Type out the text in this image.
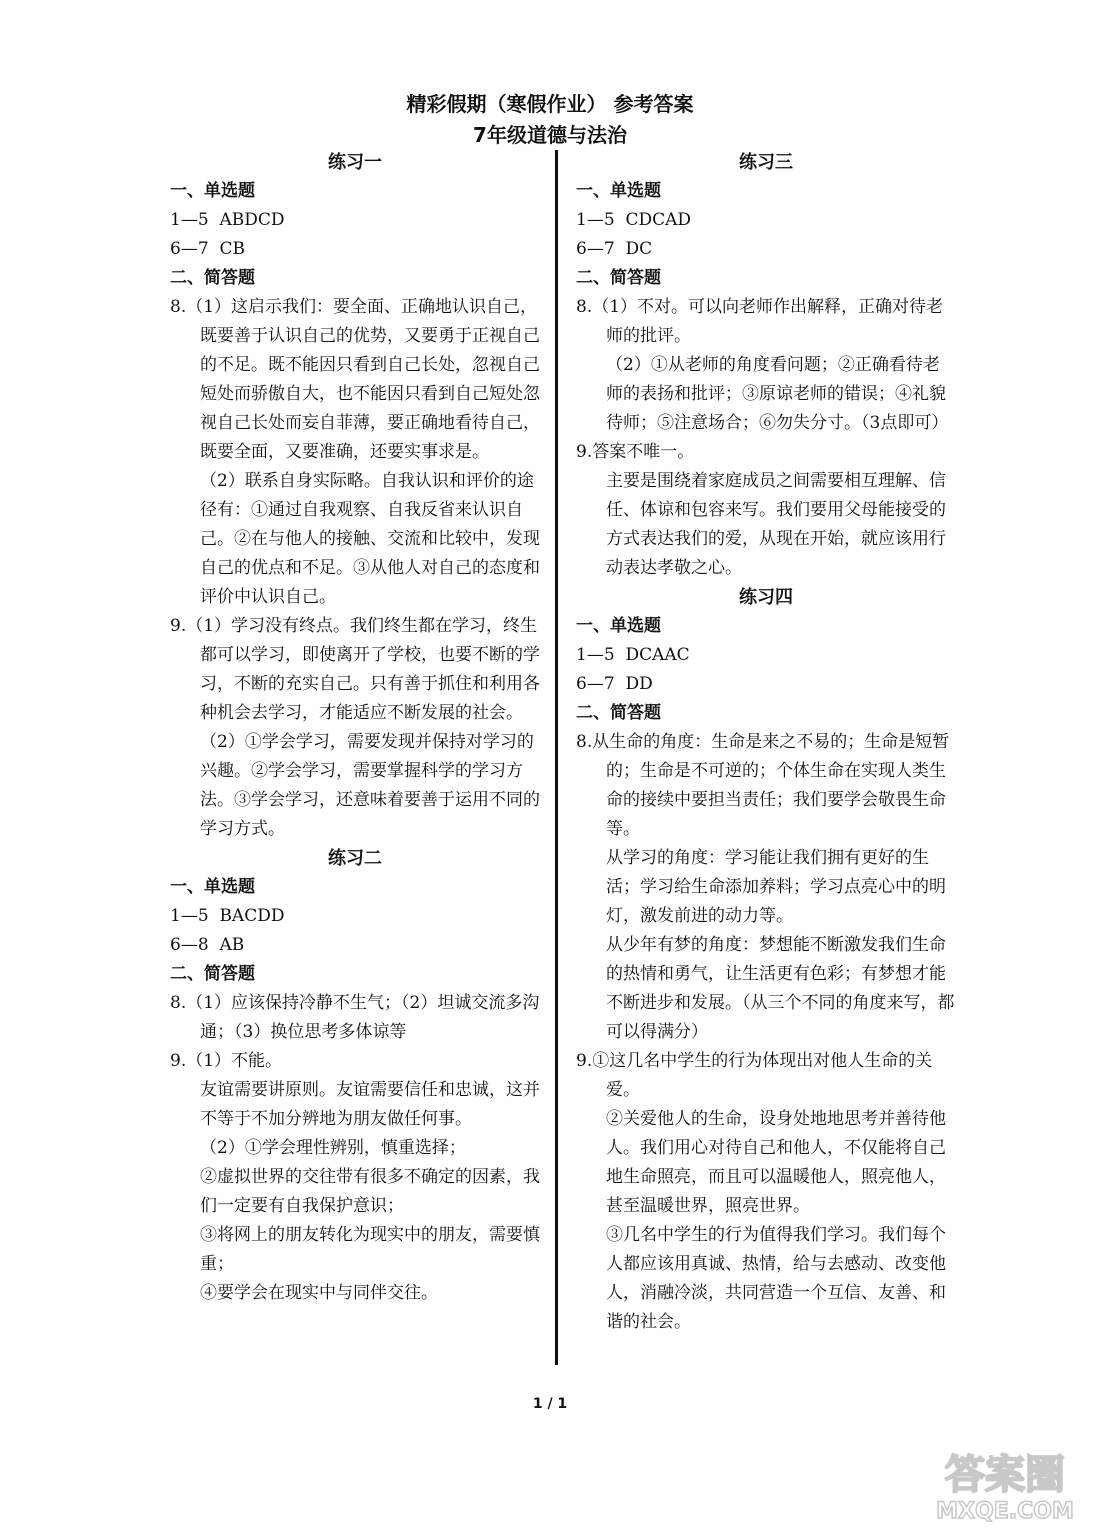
精彩假期（寒假作业） 参考答案
7年级道德与法治
练习一
一、单选题
1—5  ABDCD
6—7  CB
二、简答题
8.（1）这启示我们：要全面、正确地认识自己，既要善于认识自己的优势，又要勇于正视自己的不足。既不能因只看到自己长处，忽视自己短处而骄傲自大，也不能因只看到自己短处忽视自己长处而妄自菲薄，要正确地看待自己，既要全面，又要准确，还要实事求是。
（2）联系自身实际略。自我认识和评价的途径有：①通过自我观察、自我反省来认识自己。②在与他人的接触、交流和比较中，发现自己的优点和不足。③从他人对自己的态度和评价中认识自己。
9.（1）学习没有终点。我们终生都在学习，终生都可以学习，即使离开了学校，也要不断的学习，不断的充实自己。只有善于抓住和利用各种机会去学习，才能适应不断发展的社会。
（2）①学会学习，需要发现并保持对学习的兴趣。②学会学习，需要掌握科学的学习方法。③学会学习，还意味着要善于运用不同的学习方式。
练习二
一、单选题
1—5  BACDD
6—8  AB
二、简答题
8.（1）应该保持冷静不生气；（2）坦诚交流多沟通；（3）换位思考多体谅等
9.（1）不能。
友谊需要讲原则。友谊需要信任和忠诚，这并不等于不加分辨地为朋友做任何事。
（2）①学会理性辨别，慎重选择；
②虚拟世界的交往带有很多不确定的因素，我们一定要有自我保护意识；
③将网上的朋友转化为现实中的朋友，需要慎重；
④要学会在现实中与同伴交往。
练习三
一、单选题
1—5  CDCAD
6—7  DC
二、简答题
8.（1）不对。可以向老师作出解释，正确对待老师的批评。
（2）①从老师的角度看问题；②正确看待老师的表扬和批评；③原谅老师的错误；④礼貌待师；⑤注意场合；⑥勿失分寸。（3点即可）
9.答案不唯一。
主要是围绕着家庭成员之间需要相互理解、信任、体谅和包容来写。我们要用父母能接受的方式表达我们的爱，从现在开始，就应该用行动表达孝敬之心。
练习四
一、单选题
1—5  DCAAC
6—7  DD
二、简答题
8.从生命的角度：生命是来之不易的；生命是短暂的；生命是不可逆的；个体生命在实现人类生命的接续中要担当责任；我们要学会敬畏生命等。
从学习的角度：学习能让我们拥有更好的生活；学习给生命添加养料；学习点亮心中的明灯，激发前进的动力等。
从少年有梦的角度：梦想能不断激发我们生命的热情和勇气，让生活更有色彩；有梦想才能不断进步和发展。（从三个不同的角度来写，都可以得满分）
9.①这几名中学生的行为体现出对他人生命的关爱。
②关爱他人的生命，设身处地地思考并善待他人。我们用心对待自己和他人，不仅能将自己地生命照亮，而且可以温暖他人，照亮他人，甚至温暖世界，照亮世界。
③几名中学生的行为值得我们学习。我们每个人都应该用真诚、热情，给与去感动、改变他人，消融冷淡，共同营造一个互信、友善、和谐的社会。
1 / 1
答案圈
MXQE.COM
